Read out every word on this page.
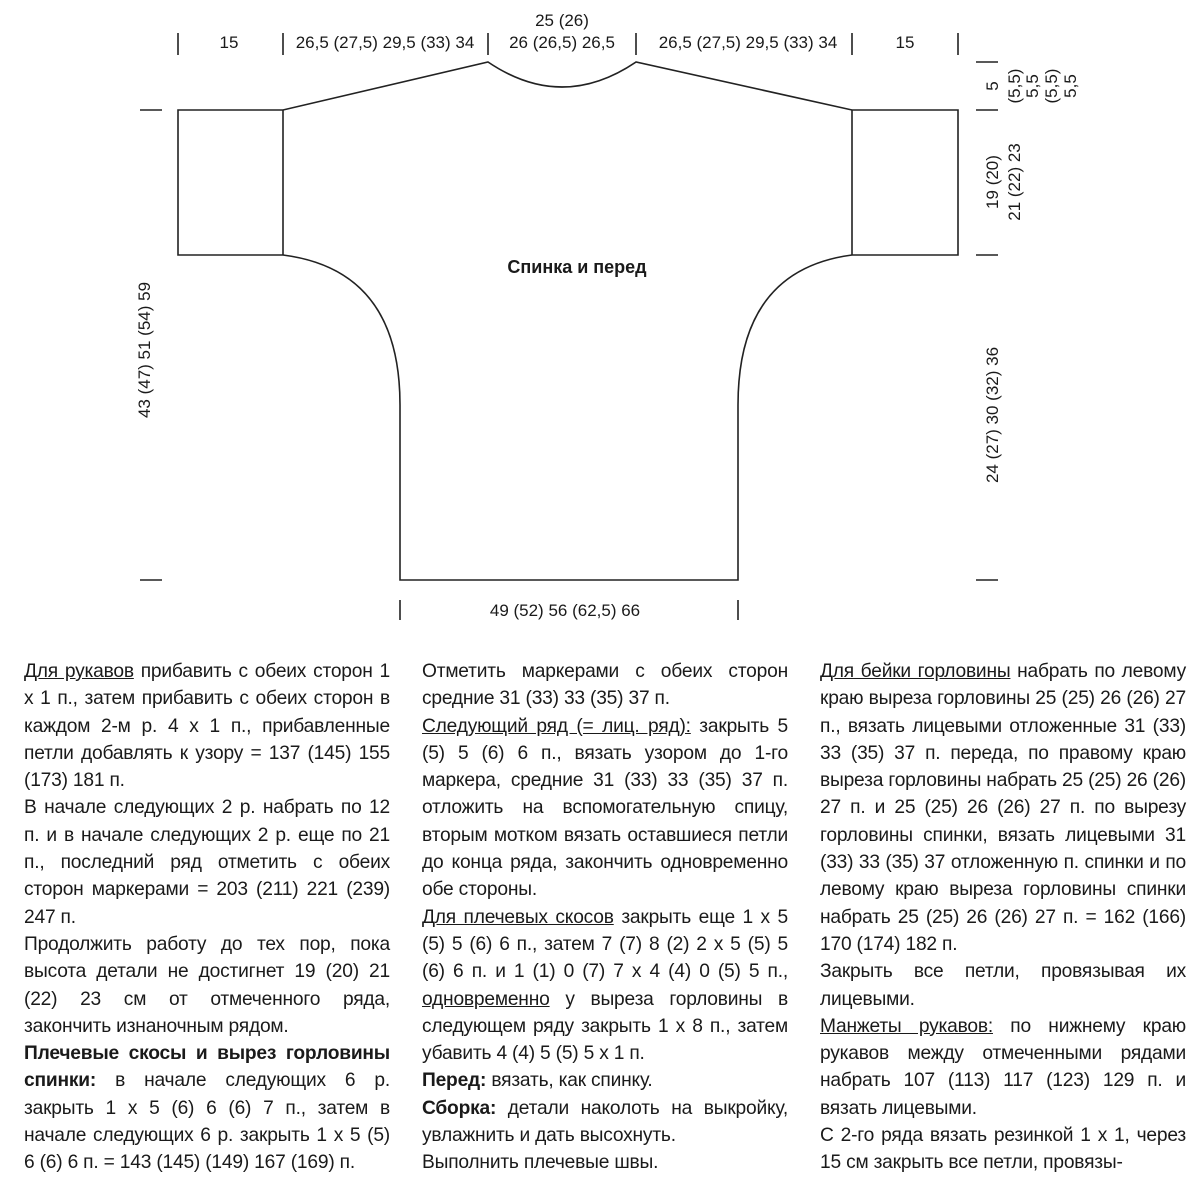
15	26,5 (27,5) 29,5 (33) 34
25 (26)
26 (26,5) 26,5	26,5 (27,5) 29,5 (33) 34	15
Спинка и перед
5 (5,5) 5,5 (5,5) 5,5
19 (20) 21 (22) 23
24 (27) 30 (32) 36
43 (47) 51 (54) 59
49 (52) 56 (62,5) 66

Для рукавов прибавить с обеих сторон 1 х 1 п., затем прибавить с обеих сторон в каждом 2-м р. 4 х 1 п., прибавленные петли добавлять к узору = 137 (145) 155 (173) 181 п.

В начале следующих 2 р. набрать по 12 п. и в начале следующих 2 р. еще по 21 п., последний ряд отметить с обеих сторон маркерами = 203 (211) 221 (239) 247 п.

Продолжить работу до тех пор, пока высота детали не достигнет 19 (20) 21 (22) 23 см от отмеченного ряда, закончить изнаночным рядом.

Плечевые скосы и вырез горловины спинки: в начале следующих 6 р. закрыть 1 х 5 (6) 6 (6) 7 п., затем в начале следующих 6 р. закрыть 1 х 5 (5) 6 (6) 6 п. = 143 (145) (149) 167 (169) п.

Отметить маркерами с обеих сторон средние 31 (33) 33 (35) 37 п.

Следующий ряд (= лиц. ряд): закрыть 5 (5) 5 (6) 6 п., вязать узором до 1-го маркера, средние 31 (33) 33 (35) 37 п. отложить на вспомогательную спицу, вторым мотком вязать оставшиеся петли до конца ряда, закончить одновременно обе стороны.

Для плечевых скосов закрыть еще 1 х 5 (5) 5 (6) 6 п., затем 7 (7) 8 (2) 2 х 5 (5) 5 (6) 6 п. и 1 (1) 0 (7) 7 х 4 (4) 0 (5) 5 п., одновременно у выреза горловины в следующем ряду закрыть 1 х 8 п., затем убавить 4 (4) 5 (5) 5 х 1 п.

Перед: вязать, как спинку.

Сборка: детали наколоть на выкройку, увлажнить и дать высохнуть.

Выполнить плечевые швы.

Для бейки горловины набрать по левому краю выреза горловины 25 (25) 26 (26) 27 п., вязать лицевыми отложенные 31 (33) 33 (35) 37 п. переда, по правому краю выреза горловины набрать 25 (25) 26 (26) 27 п. и 25 (25) 26 (26) 27 п. по вырезу горловины спинки, вязать лицевыми 31 (33) 33 (35) 37 отложенную п. спинки и по левому краю выреза горловины спинки набрать 25 (25) 26 (26) 27 п. = 162 (166) 170 (174) 182 п.

Закрыть все петли, провязывая их лицевыми.

Манжеты рукавов: по нижнему краю рукавов между отмеченными рядами набрать 107 (113) 117 (123) 129 п. и вязать лицевыми.

С 2-го ряда вязать резинкой 1 х 1, через 15 см закрыть все петли, провязы-
